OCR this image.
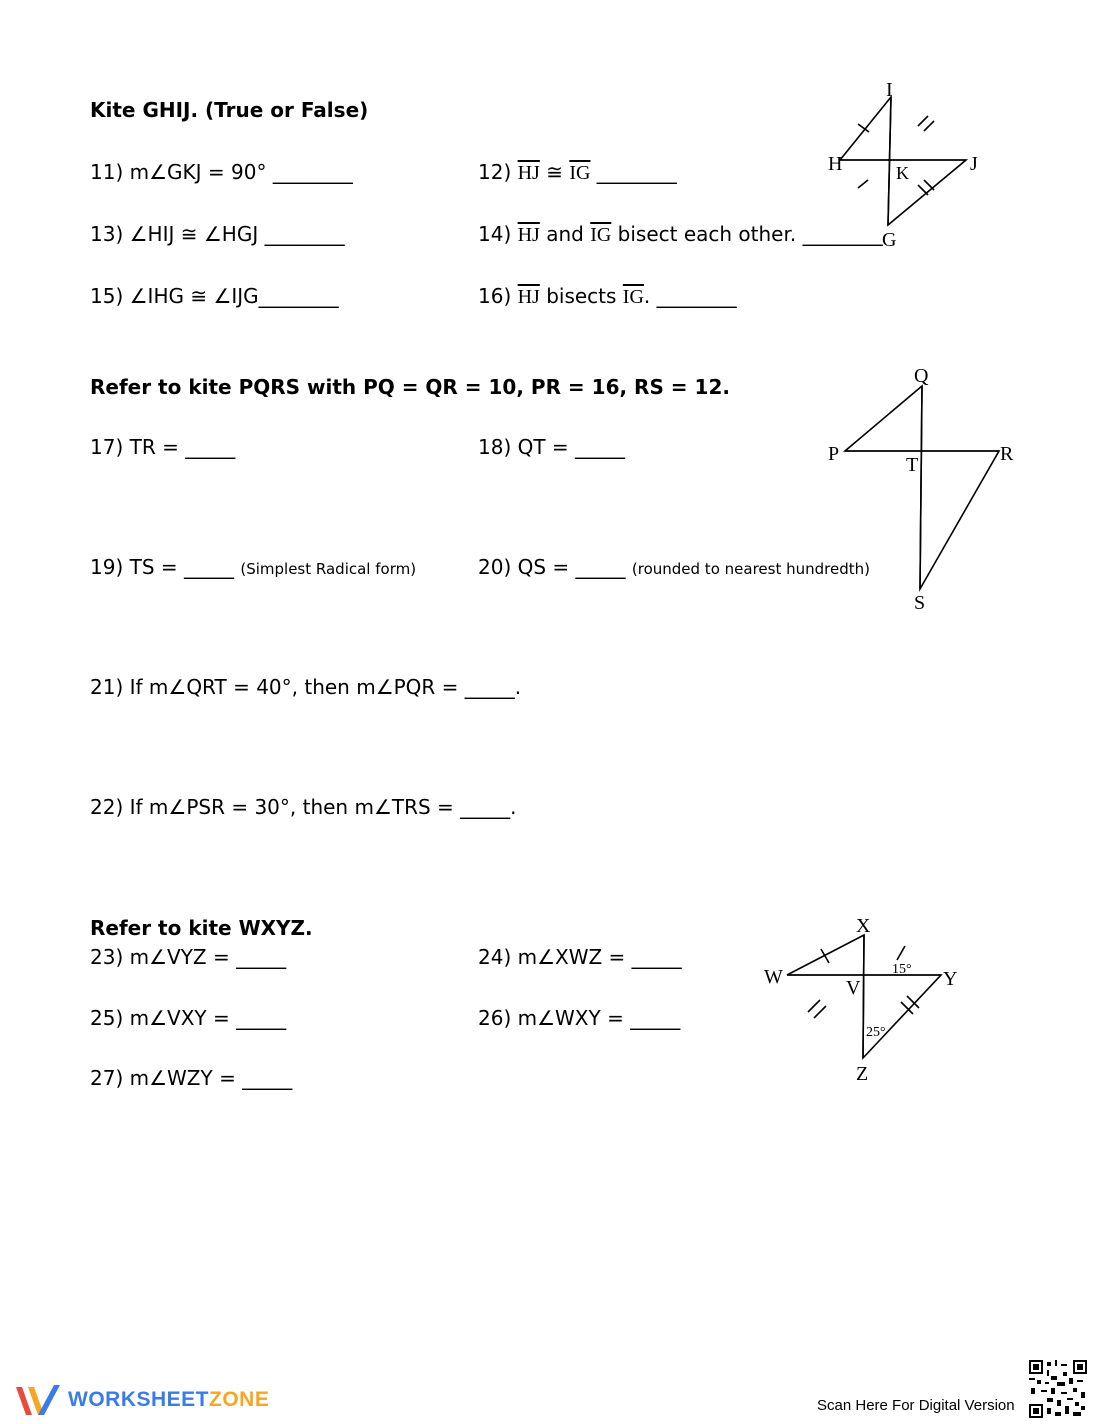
Kite GHIJ. (True or False)
11) m∠GKJ = 90° ________	12) $\overline{HJ}$ ≅ $\overline{IG}$ ________
13) ∠HIJ ≅ ∠HGJ ________	14) $\overline{HJ}$ and $\overline{IG}$ bisect each other. ________
15) ∠IHG ≅ ∠IJG________	16) $\overline{HJ}$ bisects $\overline{IG}$. ________
I
H	J
K
G
Refer to kite PQRS with PQ = QR = 10, PR = 16, RS = 12.
17) TR = _____	18) QT = _____
19) TS = _____ (Simplest Radical form)	20) QS = _____ (rounded to nearest hundredth)
21) If m∠QRT = 40°, then m∠PQR = _____.
22) If m∠PSR = 30°, then m∠TRS = _____.
Q
P	R
T
S
Refer to kite WXYZ.
23) m∠VYZ = _____	24) m∠XWZ = _____
25) m∠VXY = _____	26) m∠WXY = _____
27) m∠WZY = _____
X
W	Y
V
Z
15°
25°
WORKSHEETZONE	Scan Here For Digital Version
